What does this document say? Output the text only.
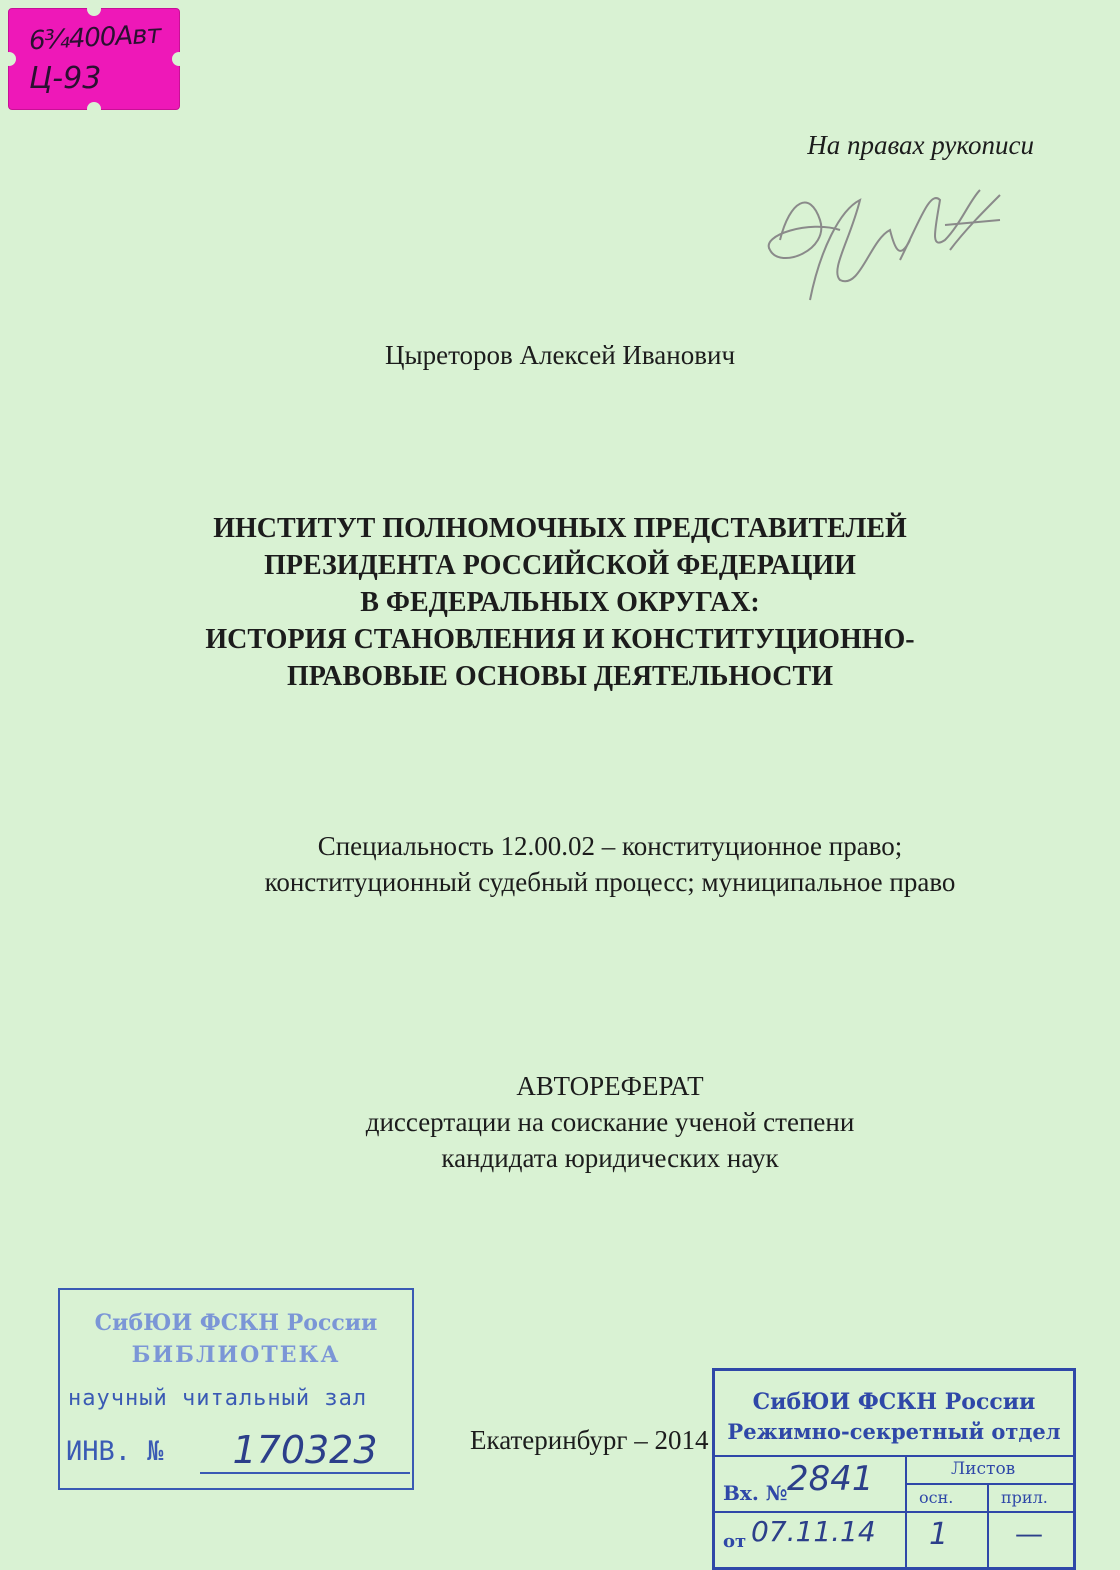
6¾400Авт
Ц-93
На правах рукописи
Цыреторов Алексей Иванович
ИНСТИТУТ ПОЛНОМОЧНЫХ ПРЕДСТАВИТЕЛЕЙ
ПРЕЗИДЕНТА РОССИЙСКОЙ ФЕДЕРАЦИИ
В ФЕДЕРАЛЬНЫХ ОКРУГАХ:
ИСТОРИЯ СТАНОВЛЕНИЯ И КОНСТИТУЦИОННО-
ПРАВОВЫЕ ОСНОВЫ ДЕЯТЕЛЬНОСТИ
Специальность 12.00.02 – конституционное право;
конституционный судебный процесс; муниципальное право
АВТОРЕФЕРАТ
диссертации на соискание ученой степени
кандидата юридических наук
Екатеринбург – 2014
СибЮИ ФСКН России
БИБЛИОТЕКА
научный читальный зал
ИНВ. №	170323
СибЮИ ФСКН России
Режимно-секретный отдел
Листов
осн.	прил.
Вх. № 2841
от 07.11.14 1 —
